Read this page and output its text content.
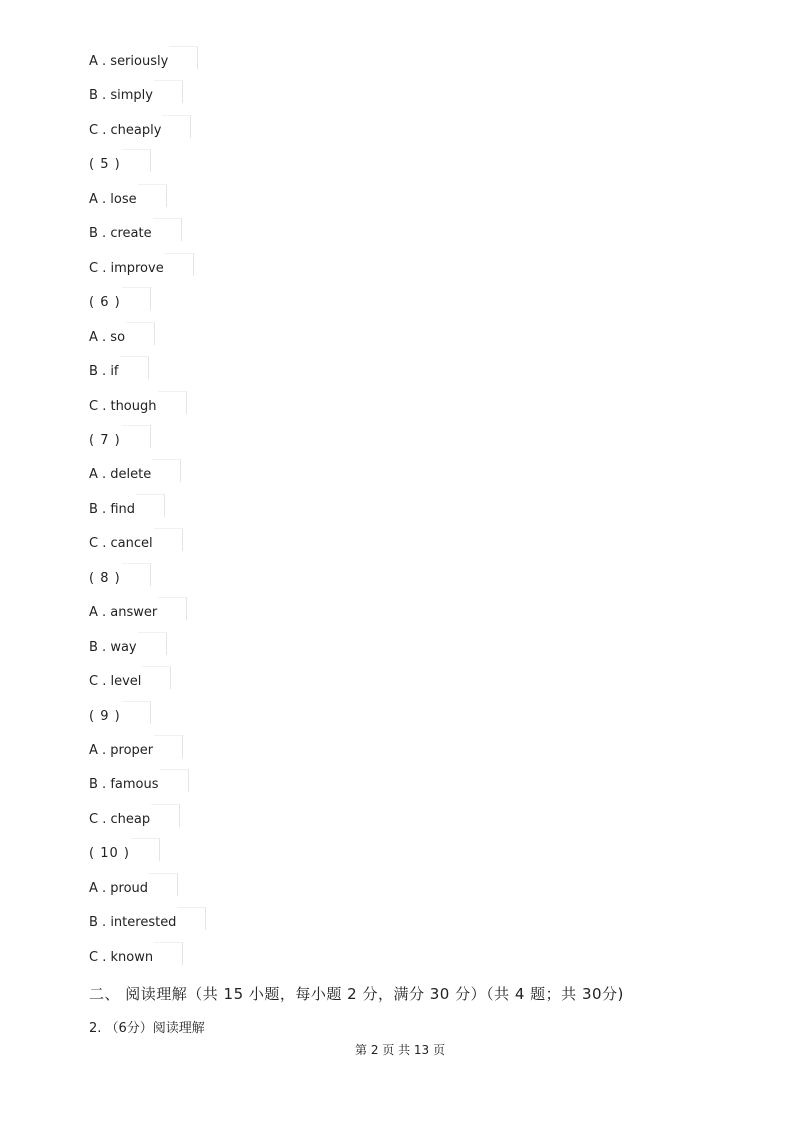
A . seriously
B . simply
C . cheaply
( 5 )
A . lose
B . create
C . improve
( 6 )
A . so
B . if
C . though
( 7 )
A . delete
B . find
C . cancel
( 8 )
A . answer
B . way
C . level
( 9 )
A . proper
B . famous
C . cheap
( 10 )
A . proud
B . interested
C . known
二、 阅读理解（共 15 小题，每小题 2 分，满分 30 分）（共 4 题；共 30分)
2. （6分）阅读理解
第 2 页 共 13 页
